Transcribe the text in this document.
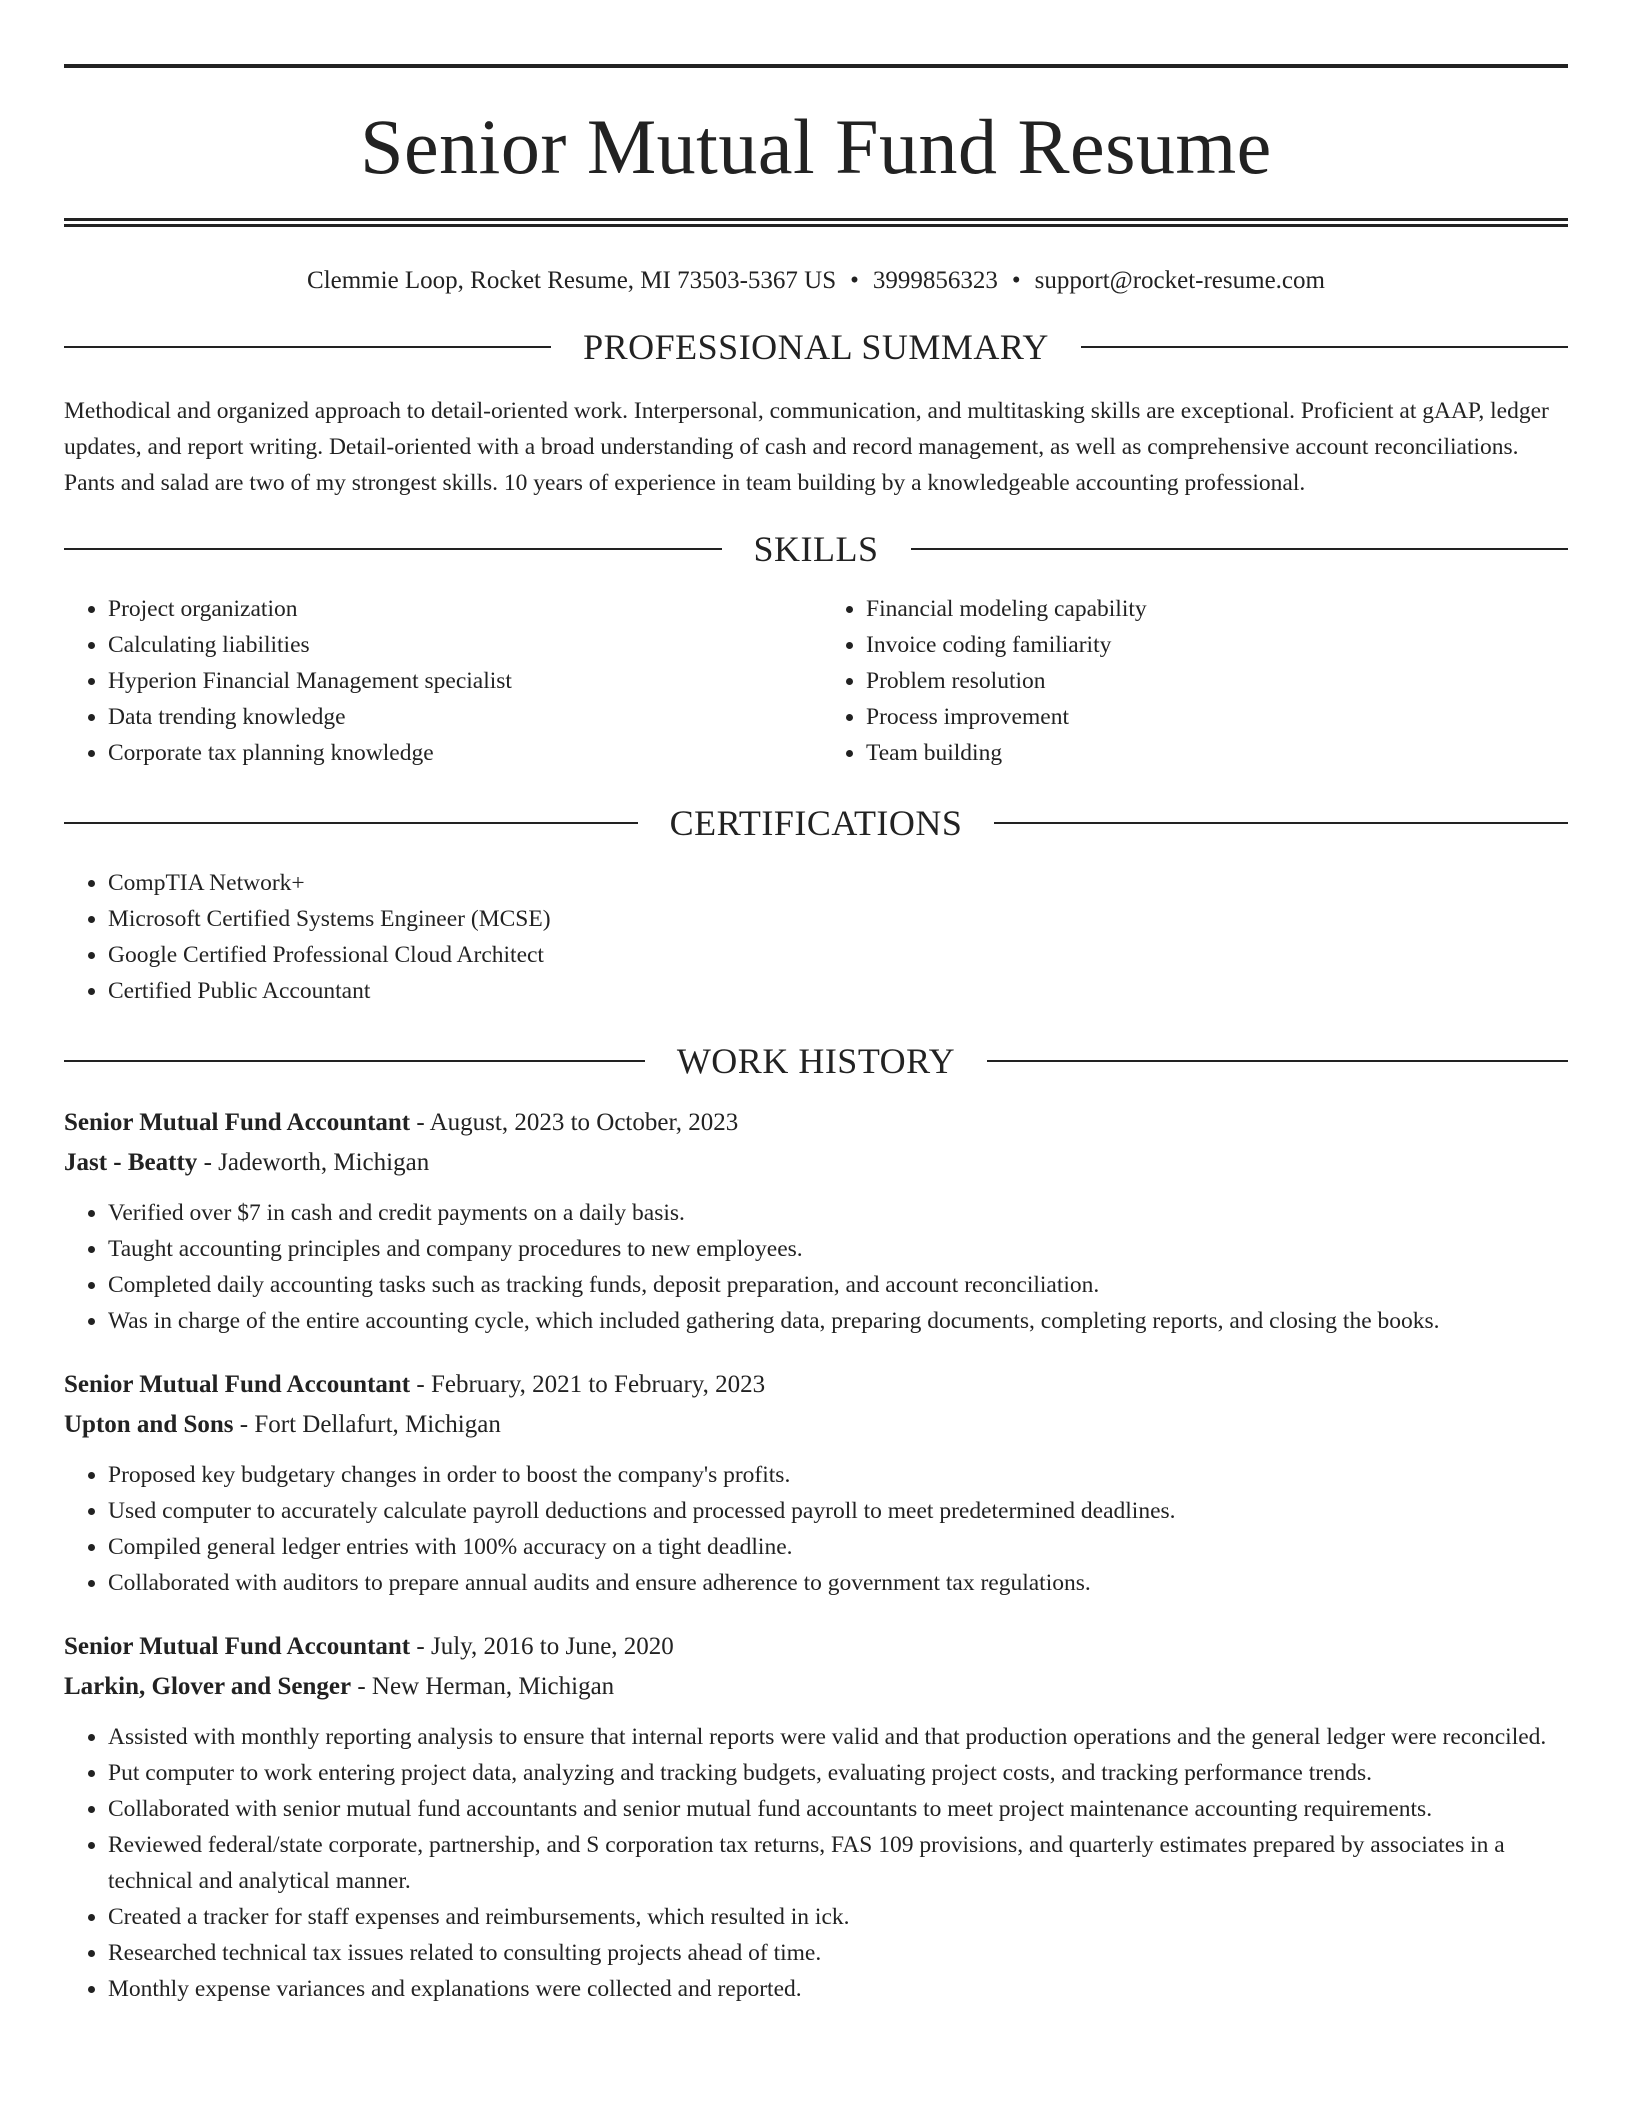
Senior Mutual Fund Resume
Clemmie Loop, Rocket Resume, MI 73503-5367 US • 3999856323 • support@rocket-resume.com
PROFESSIONAL SUMMARY
Methodical and organized approach to detail-oriented work. Interpersonal, communication, and multitasking skills are exceptional. Proficient at gAAP, ledger updates, and report writing. Detail-oriented with a broad understanding of cash and record management, as well as comprehensive account reconciliations. Pants and salad are two of my strongest skills. 10 years of experience in team building by a knowledgeable accounting professional.
SKILLS
• Project organization
• Calculating liabilities
• Hyperion Financial Management specialist
• Data trending knowledge
• Corporate tax planning knowledge
• Financial modeling capability
• Invoice coding familiarity
• Problem resolution
• Process improvement
• Team building
CERTIFICATIONS
• CompTIA Network+
• Microsoft Certified Systems Engineer (MCSE)
• Google Certified Professional Cloud Architect
• Certified Public Accountant
WORK HISTORY
Senior Mutual Fund Accountant - August, 2023 to October, 2023
Jast - Beatty - Jadeworth, Michigan
• Verified over $7 in cash and credit payments on a daily basis.
• Taught accounting principles and company procedures to new employees.
• Completed daily accounting tasks such as tracking funds, deposit preparation, and account reconciliation.
• Was in charge of the entire accounting cycle, which included gathering data, preparing documents, completing reports, and closing the books.
Senior Mutual Fund Accountant - February, 2021 to February, 2023
Upton and Sons - Fort Dellafurt, Michigan
• Proposed key budgetary changes in order to boost the company's profits.
• Used computer to accurately calculate payroll deductions and processed payroll to meet predetermined deadlines.
• Compiled general ledger entries with 100% accuracy on a tight deadline.
• Collaborated with auditors to prepare annual audits and ensure adherence to government tax regulations.
Senior Mutual Fund Accountant - July, 2016 to June, 2020
Larkin, Glover and Senger - New Herman, Michigan
• Assisted with monthly reporting analysis to ensure that internal reports were valid and that production operations and the general ledger were reconciled.
• Put computer to work entering project data, analyzing and tracking budgets, evaluating project costs, and tracking performance trends.
• Collaborated with senior mutual fund accountants and senior mutual fund accountants to meet project maintenance accounting requirements.
• Reviewed federal/state corporate, partnership, and S corporation tax returns, FAS 109 provisions, and quarterly estimates prepared by associates in a technical and analytical manner.
• Created a tracker for staff expenses and reimbursements, which resulted in ick.
• Researched technical tax issues related to consulting projects ahead of time.
• Monthly expense variances and explanations were collected and reported.
